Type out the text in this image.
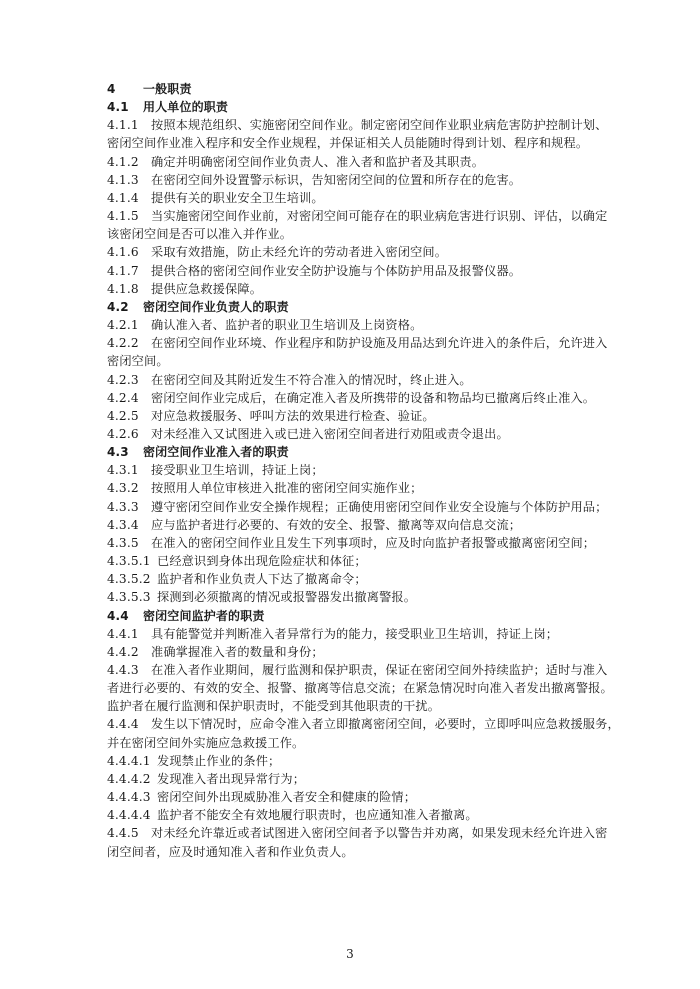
4 一般职责
4.1 用人单位的职责
4.1.1 按照本规范组织、实施密闭空间作业。制定密闭空间作业职业病危害防护控制计划、
密闭空间作业准入程序和安全作业规程，并保证相关人员能随时得到计划、程序和规程。
4.1.2 确定并明确密闭空间作业负责人、准入者和监护者及其职责。
4.1.3 在密闭空间外设置警示标识，告知密闭空间的位置和所存在的危害。
4.1.4 提供有关的职业安全卫生培训。
4.1.5 当实施密闭空间作业前，对密闭空间可能存在的职业病危害进行识别、评估，以确定
该密闭空间是否可以准入并作业。
4.1.6 采取有效措施，防止未经允许的劳动者进入密闭空间。
4.1.7 提供合格的密闭空间作业安全防护设施与个体防护用品及报警仪器。
4.1.8 提供应急救援保障。
4.2 密闭空间作业负责人的职责
4.2.1 确认准入者、监护者的职业卫生培训及上岗资格。
4.2.2 在密闭空间作业环境、作业程序和防护设施及用品达到允许进入的条件后，允许进入
密闭空间。
4.2.3 在密闭空间及其附近发生不符合准入的情况时，终止进入。
4.2.4 密闭空间作业完成后，在确定准入者及所携带的设备和物品均已撤离后终止准入。
4.2.5 对应急救援服务、呼叫方法的效果进行检查、验证。
4.2.6 对未经准入又试图进入或已进入密闭空间者进行劝阻或责令退出。
4.3 密闭空间作业准入者的职责
4.3.1 接受职业卫生培训，持证上岗；
4.3.2 按照用人单位审核进入批准的密闭空间实施作业；
4.3.3 遵守密闭空间作业安全操作规程；正确使用密闭空间作业安全设施与个体防护用品；
4.3.4 应与监护者进行必要的、有效的安全、报警、撤离等双向信息交流；
4.3.5 在准入的密闭空间作业且发生下列事项时，应及时向监护者报警或撤离密闭空间；
4.3.5.1 已经意识到身体出现危险症状和体征；
4.3.5.2 监护者和作业负责人下达了撤离命令；
4.3.5.3 探测到必须撤离的情况或报警器发出撤离警报。
4.4 密闭空间监护者的职责
4.4.1 具有能警觉并判断准入者异常行为的能力，接受职业卫生培训，持证上岗；
4.4.2 准确掌握准入者的数量和身份；
4.4.3 在准入者作业期间，履行监测和保护职责，保证在密闭空间外持续监护；适时与准入
者进行必要的、有效的安全、报警、撤离等信息交流；在紧急情况时向准入者发出撤离警报。
监护者在履行监测和保护职责时，不能受到其他职责的干扰。
4.4.4 发生以下情况时，应命令准入者立即撤离密闭空间，必要时，立即呼叫应急救援服务，
并在密闭空间外实施应急救援工作。
4.4.4.1 发现禁止作业的条件；
4.4.4.2 发现准入者出现异常行为；
4.4.4.3 密闭空间外出现威胁准入者安全和健康的险情；
4.4.4.4 监护者不能安全有效地履行职责时，也应通知准入者撤离。
4.4.5 对未经允许靠近或者试图进入密闭空间者予以警告并劝离，如果发现未经允许进入密
闭空间者，应及时通知准入者和作业负责人。
3
